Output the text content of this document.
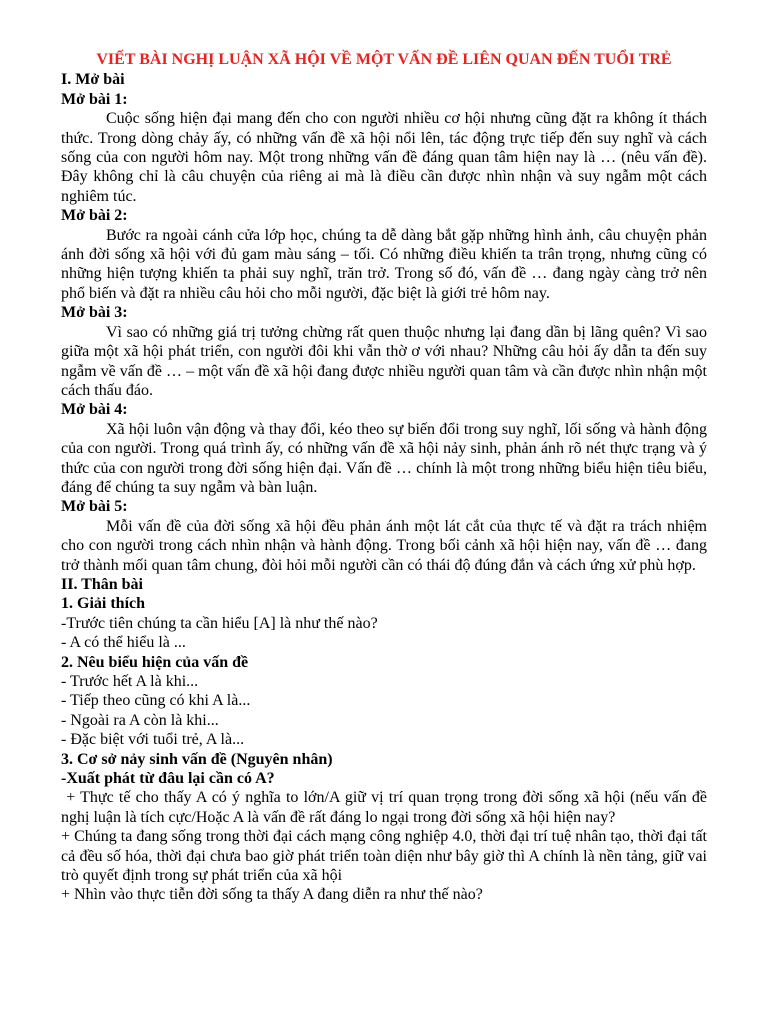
VIẾT BÀI NGHỊ LUẬN XÃ HỘI VỀ MỘT VẤN ĐỀ LIÊN QUAN ĐẾN TUỔI TRẺ
I. Mở bài
Mở bài 1:
Cuộc sống hiện đại mang đến cho con người nhiều cơ hội nhưng cũng đặt ra không ít thách thức. Trong dòng chảy ấy, có những vấn đề xã hội nổi lên, tác động trực tiếp đến suy nghĩ và cách sống của con người hôm nay. Một trong những vấn đề đáng quan tâm hiện nay là … (nêu vấn đề). Đây không chỉ là câu chuyện của riêng ai mà là điều cần được nhìn nhận và suy ngẫm một cách nghiêm túc.
Mở bài 2:
Bước ra ngoài cánh cửa lớp học, chúng ta dễ dàng bắt gặp những hình ảnh, câu chuyện phản ánh đời sống xã hội với đủ gam màu sáng – tối. Có những điều khiến ta trân trọng, nhưng cũng có những hiện tượng khiến ta phải suy nghĩ, trăn trở. Trong số đó, vấn đề … đang ngày càng trở nên phổ biến và đặt ra nhiều câu hỏi cho mỗi người, đặc biệt là giới trẻ hôm nay.
Mở bài 3:
Vì sao có những giá trị tưởng chừng rất quen thuộc nhưng lại đang dần bị lãng quên? Vì sao giữa một xã hội phát triển, con người đôi khi vẫn thờ ơ với nhau? Những câu hỏi ấy dẫn ta đến suy ngẫm về vấn đề … – một vấn đề xã hội đang được nhiều người quan tâm và cần được nhìn nhận một cách thấu đáo.
Mở bài 4:
Xã hội luôn vận động và thay đổi, kéo theo sự biến đổi trong suy nghĩ, lối sống và hành động của con người. Trong quá trình ấy, có những vấn đề xã hội nảy sinh, phản ánh rõ nét thực trạng và ý thức của con người trong đời sống hiện đại. Vấn đề … chính là một trong những biểu hiện tiêu biểu, đáng để chúng ta suy ngẫm và bàn luận.
Mở bài 5:
Mỗi vấn đề của đời sống xã hội đều phản ánh một lát cắt của thực tế và đặt ra trách nhiệm cho con người trong cách nhìn nhận và hành động. Trong bối cảnh xã hội hiện nay, vấn đề … đang trở thành mối quan tâm chung, đòi hỏi mỗi người cần có thái độ đúng đắn và cách ứng xử phù hợp.
II. Thân bài
1. Giải thích
-Trước tiên chúng ta cần hiểu [A] là như thế nào?
- A có thể hiểu là ...
2. Nêu biểu hiện của vấn đề
- Trước hết A là khi...
- Tiếp theo cũng có khi A là...
- Ngoài ra A còn là khi...
- Đặc biệt với tuổi trẻ, A là...
3. Cơ sở nảy sinh vấn đề (Nguyên nhân)
-Xuất phát từ đâu lại cần có A?
+ Thực tế cho thấy A có ý nghĩa to lớn/A giữ vị trí quan trọng trong đời sống xã hội (nếu vấn đề nghị luận là tích cực/Hoặc A là vấn đề rất đáng lo ngại trong đời sống xã hội hiện nay?
+ Chúng ta đang sống trong thời đại cách mạng công nghiệp 4.0, thời đại trí tuệ nhân tạo, thời đại tất cả đều số hóa, thời đại chưa bao giờ phát triển toàn diện như bây giờ thì A chính là nền tảng, giữ vai trò quyết định trong sự phát triển của xã hội
+ Nhìn vào thực tiễn đời sống ta thấy A đang diễn ra như thế nào?
